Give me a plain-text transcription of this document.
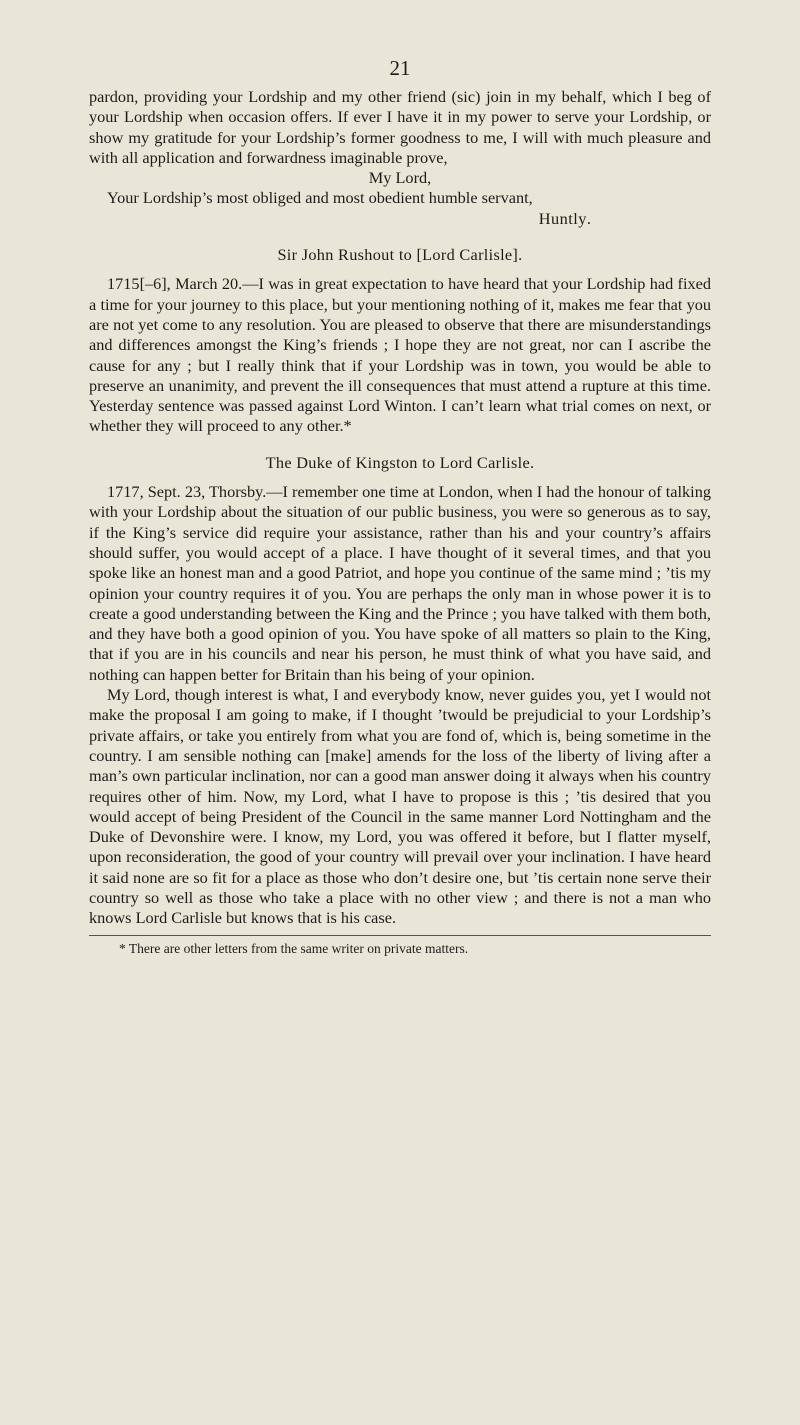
21

pardon, providing your Lordship and my other friend (sic) join in my behalf, which I beg of your Lordship when occasion offers. If ever I have it in my power to serve your Lordship, or show my gratitude for your Lordship’s former goodness to me, I will with much pleasure and with all application and forwardness imaginable prove,

My Lord,

Your Lordship’s most obliged and most obedient humble servant,

Huntly.

Sir John Rushout to [Lord Carlisle].

1715[–6], March 20.—I was in great expectation to have heard that your Lordship had fixed a time for your journey to this place, but your mentioning nothing of it, makes me fear that you are not yet come to any resolution. You are pleased to observe that there are misunderstandings and differences amongst the King’s friends ; I hope they are not great, nor can I ascribe the cause for any ; but I really think that if your Lordship was in town, you would be able to preserve an unanimity, and prevent the ill consequences that must attend a rupture at this time. Yesterday sentence was passed against Lord Winton. I can’t learn what trial comes on next, or whether they will proceed to any other.*

The Duke of Kingston to Lord Carlisle.

1717, Sept. 23, Thorsby.—I remember one time at London, when I had the honour of talking with your Lordship about the situation of our public business, you were so generous as to say, if the King’s service did require your assistance, rather than his and your country’s affairs should suffer, you would accept of a place. I have thought of it several times, and that you spoke like an honest man and a good Patriot, and hope you continue of the same mind ; ’tis my opinion your country requires it of you. You are perhaps the only man in whose power it is to create a good understanding between the King and the Prince ; you have talked with them both, and they have both a good opinion of you. You have spoke of all matters so plain to the King, that if you are in his councils and near his person, he must think of what you have said, and nothing can happen better for Britain than his being of your opinion.

My Lord, though interest is what, I and everybody know, never guides you, yet I would not make the proposal I am going to make, if I thought ’twould be prejudicial to your Lordship’s private affairs, or take you entirely from what you are fond of, which is, being sometime in the country. I am sensible nothing can [make] amends for the loss of the liberty of living after a man’s own particular inclination, nor can a good man answer doing it always when his country requires other of him. Now, my Lord, what I have to propose is this ; ’tis desired that you would accept of being President of the Council in the same manner Lord Nottingham and the Duke of Devonshire were. I know, my Lord, you was offered it before, but I flatter myself, upon reconsideration, the good of your country will prevail over your inclination. I have heard it said none are so fit for a place as those who don’t desire one, but ’tis certain none serve their country so well as those who take a place with no other view ; and there is not a man who knows Lord Carlisle but knows that is his case.

* There are other letters from the same writer on private matters.
